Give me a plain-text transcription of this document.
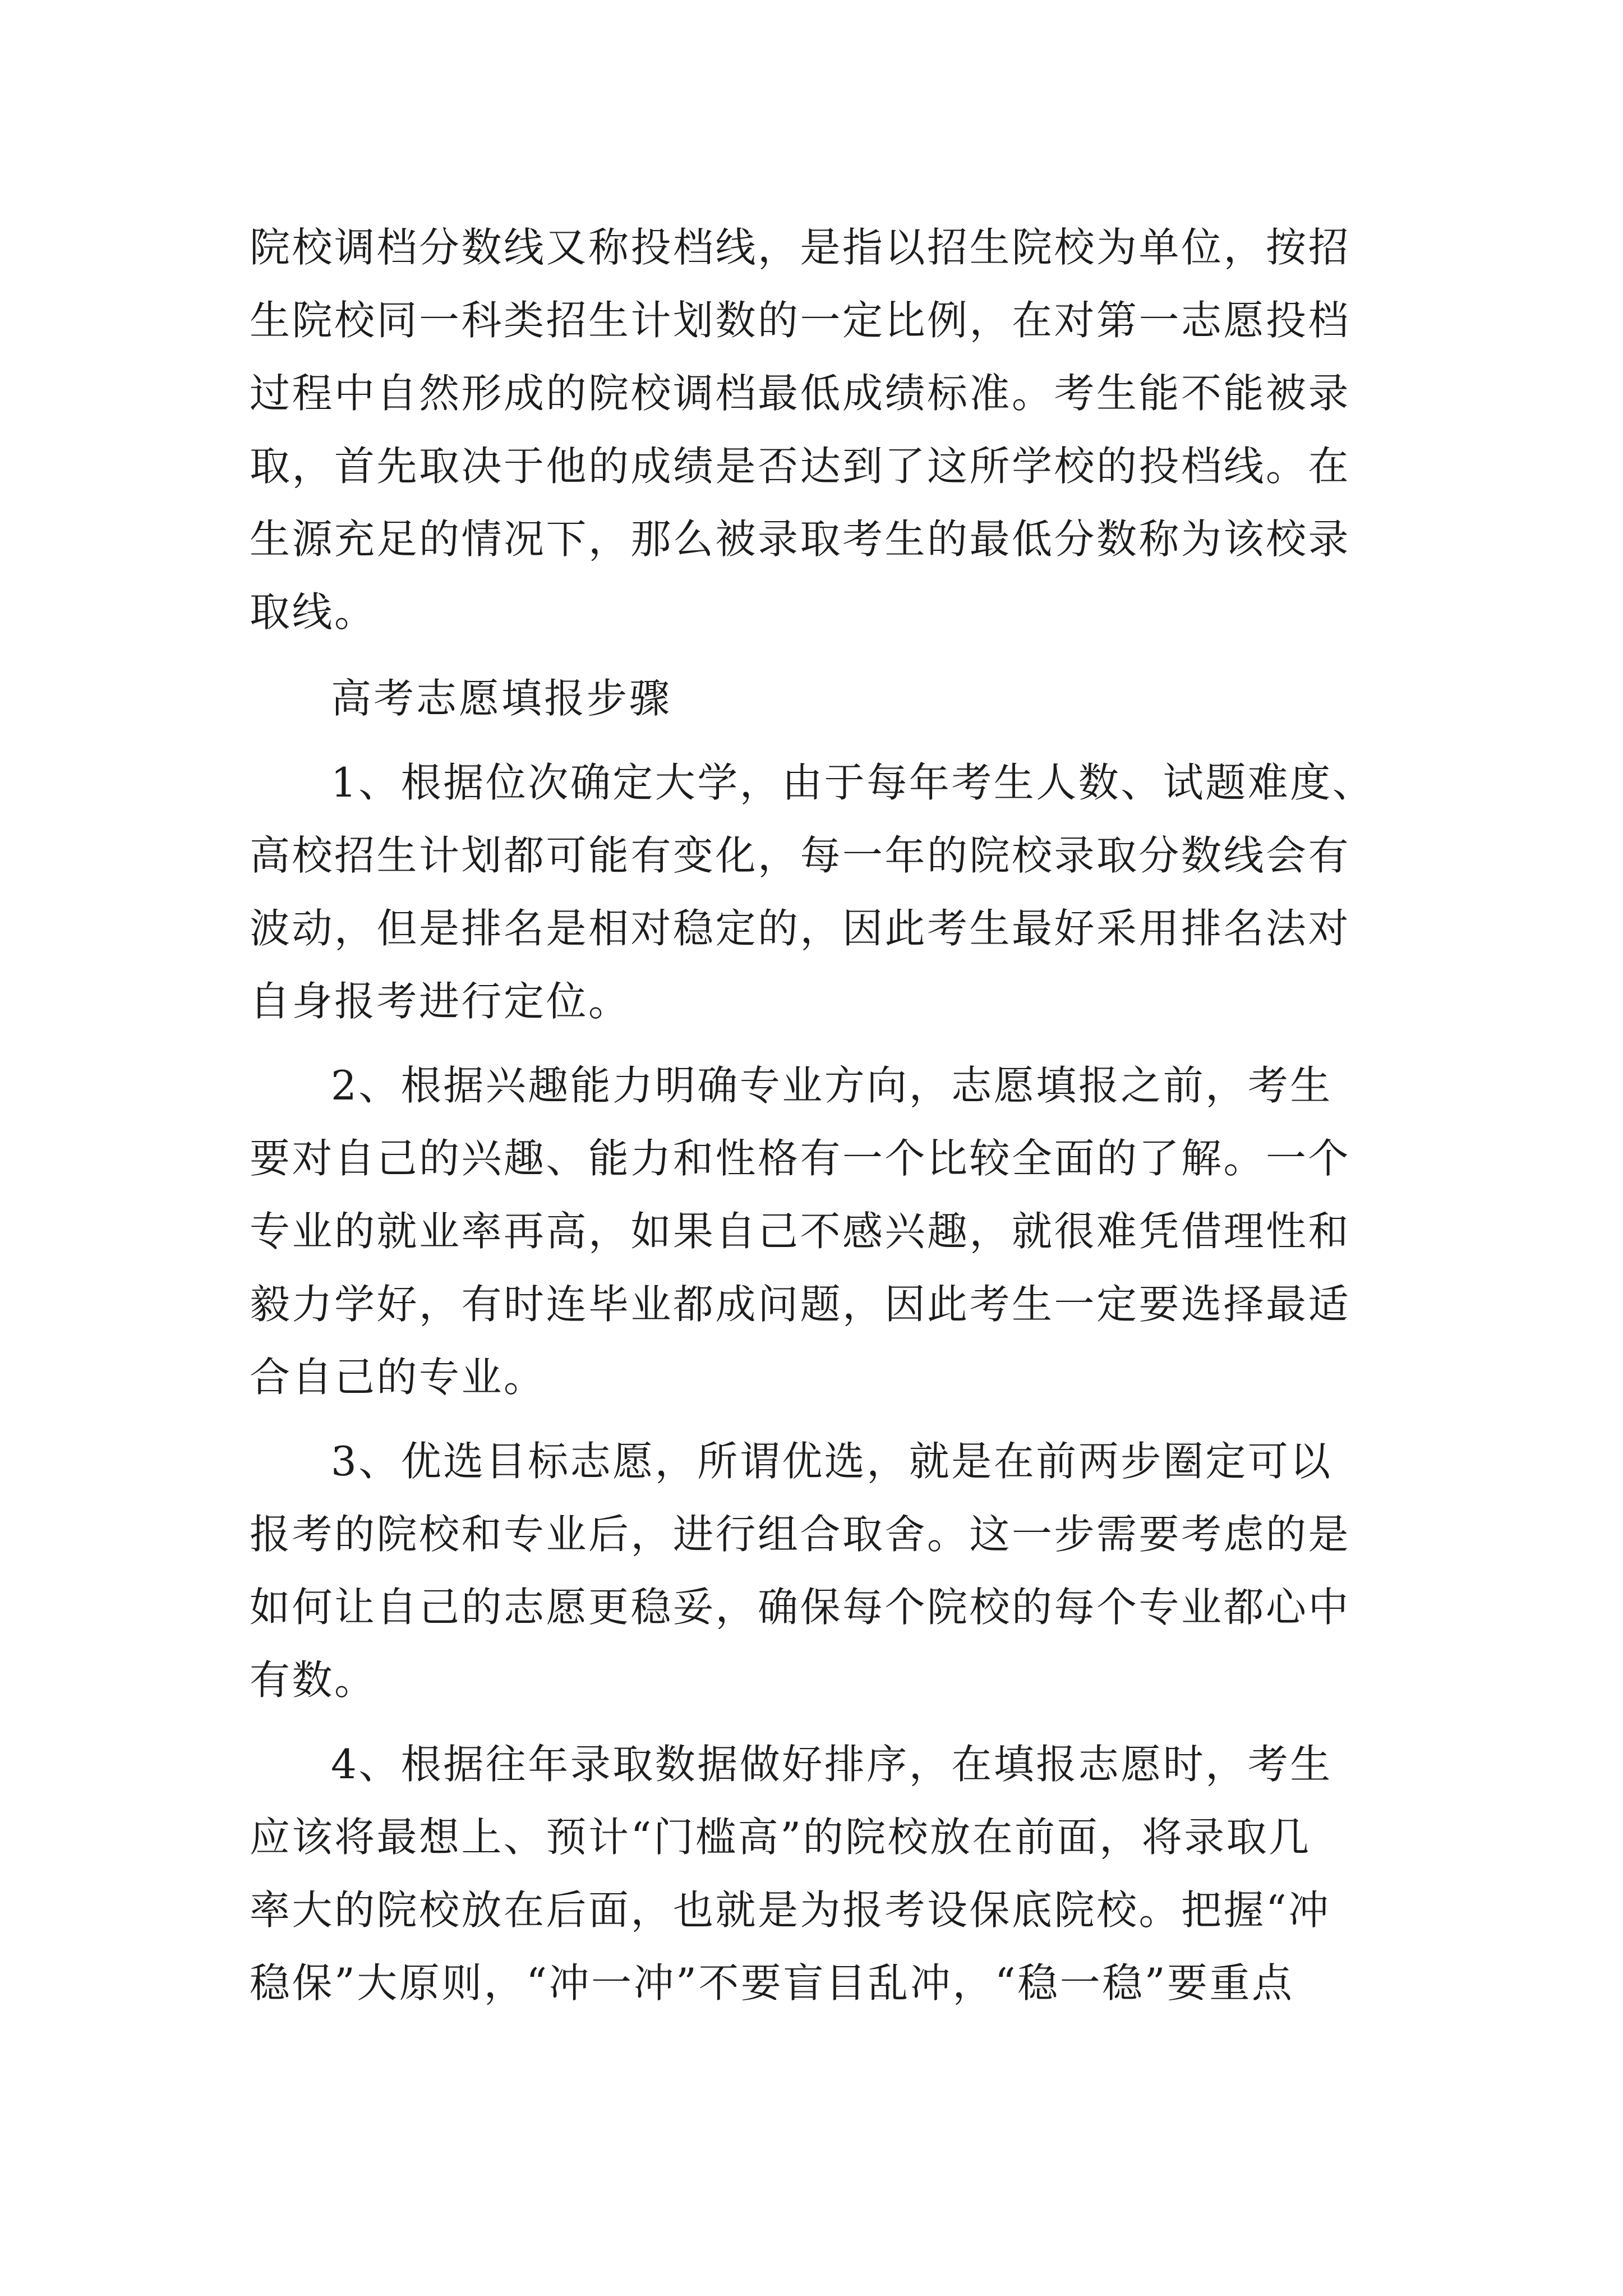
院校调档分数线又称投档线，是指以招生院校为单位，按招
生院校同一科类招生计划数的一定比例，在对第一志愿投档
过程中自然形成的院校调档最低成绩标准。考生能不能被录
取，首先取决于他的成绩是否达到了这所学校的投档线。在
生源充足的情况下，那么被录取考生的最低分数称为该校录
取线。
高考志愿填报步骤
1、根据位次确定大学，由于每年考生人数、试题难度、
高校招生计划都可能有变化，每一年的院校录取分数线会有
波动，但是排名是相对稳定的，因此考生最好采用排名法对
自身报考进行定位。
2、根据兴趣能力明确专业方向，志愿填报之前，考生
要对自己的兴趣、能力和性格有一个比较全面的了解。一个
专业的就业率再高，如果自己不感兴趣，就很难凭借理性和
毅力学好，有时连毕业都成问题，因此考生一定要选择最适
合自己的专业。
3、优选目标志愿，所谓优选，就是在前两步圈定可以
报考的院校和专业后，进行组合取舍。这一步需要考虑的是
如何让自己的志愿更稳妥，确保每个院校的每个专业都心中
有数。
4、根据往年录取数据做好排序，在填报志愿时，考生
应该将最想上、预计“门槛高”的院校放在前面，将录取几
率大的院校放在后面，也就是为报考设保底院校。把握“冲
稳保”大原则，“冲一冲”不要盲目乱冲，“稳一稳”要重点
